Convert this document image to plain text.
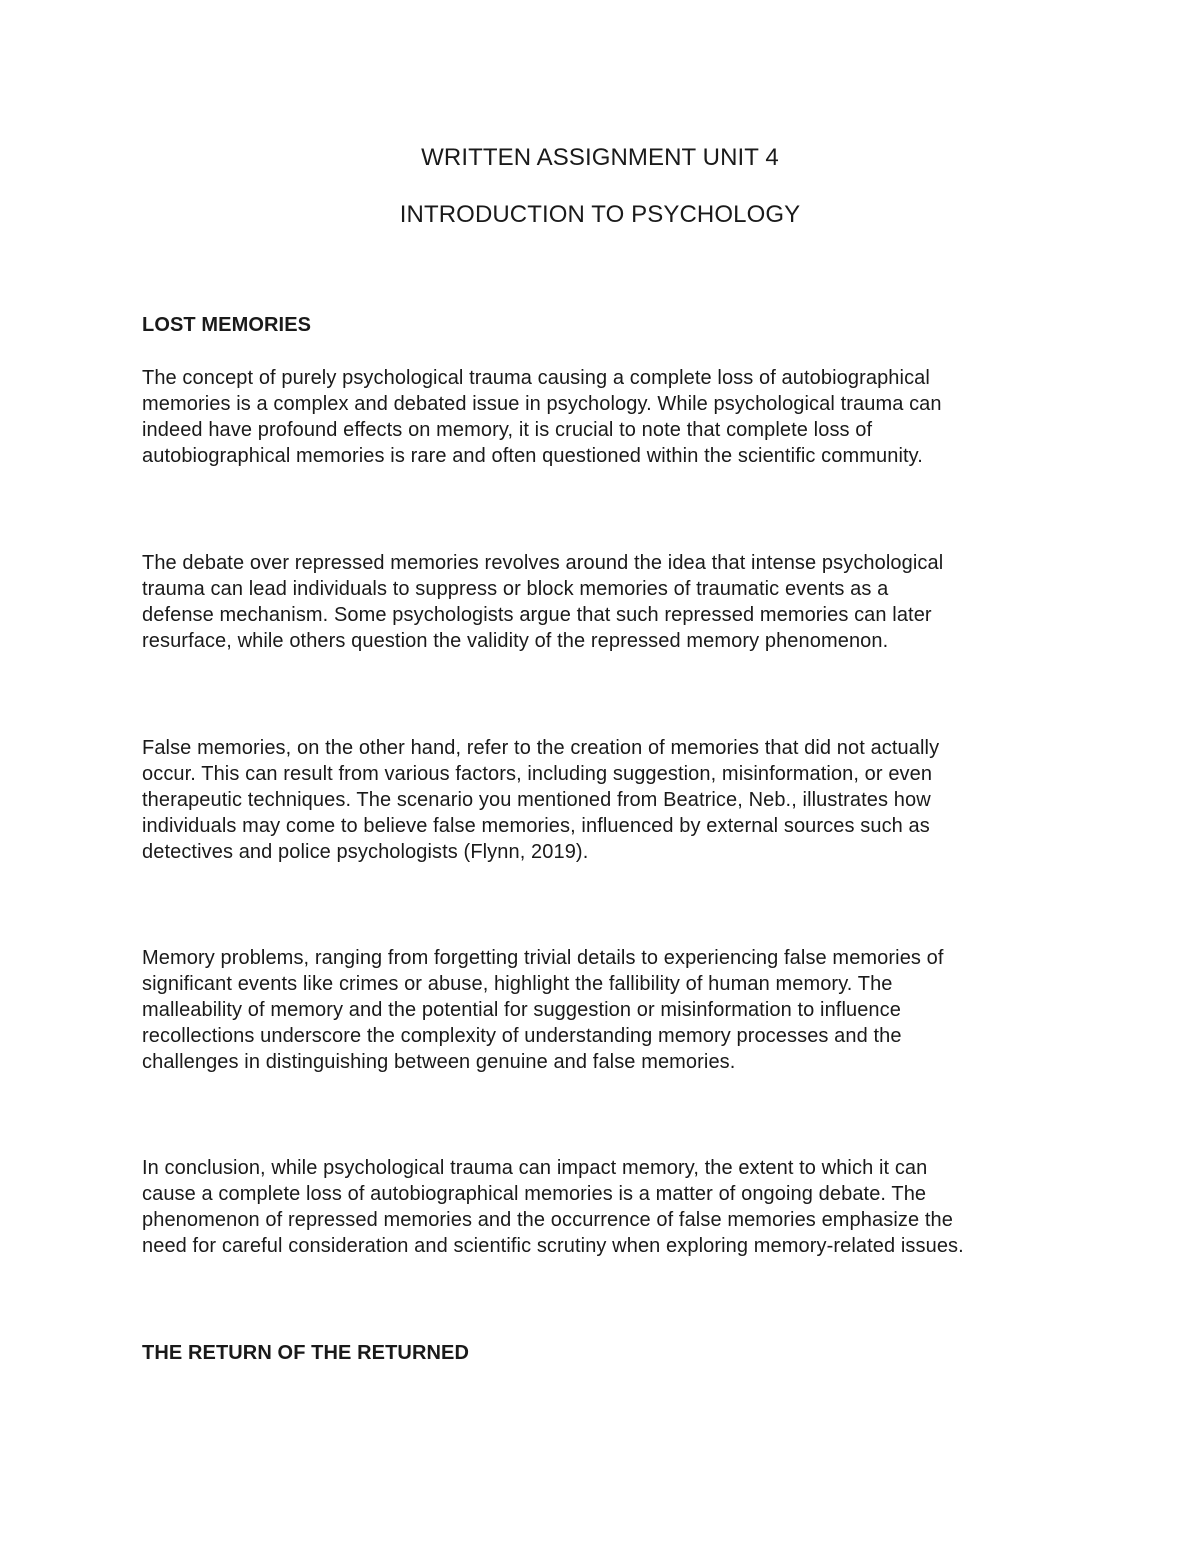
WRITTEN ASSIGNMENT UNIT 4
INTRODUCTION TO PSYCHOLOGY
LOST MEMORIES

The concept of purely psychological trauma causing a complete loss of autobiographical
memories is a complex and debated issue in psychology. While psychological trauma can
indeed have profound effects on memory, it is crucial to note that complete loss of
autobiographical memories is rare and often questioned within the scientific community.

The debate over repressed memories revolves around the idea that intense psychological
trauma can lead individuals to suppress or block memories of traumatic events as a
defense mechanism. Some psychologists argue that such repressed memories can later
resurface, while others question the validity of the repressed memory phenomenon.

False memories, on the other hand, refer to the creation of memories that did not actually
occur. This can result from various factors, including suggestion, misinformation, or even
therapeutic techniques. The scenario you mentioned from Beatrice, Neb., illustrates how
individuals may come to believe false memories, influenced by external sources such as
detectives and police psychologists (Flynn, 2019).

Memory problems, ranging from forgetting trivial details to experiencing false memories of
significant events like crimes or abuse, highlight the fallibility of human memory. The
malleability of memory and the potential for suggestion or misinformation to influence
recollections underscore the complexity of understanding memory processes and the
challenges in distinguishing between genuine and false memories.

In conclusion, while psychological trauma can impact memory, the extent to which it can
cause a complete loss of autobiographical memories is a matter of ongoing debate. The
phenomenon of repressed memories and the occurrence of false memories emphasize the
need for careful consideration and scientific scrutiny when exploring memory-related issues.

THE RETURN OF THE RETURNED
